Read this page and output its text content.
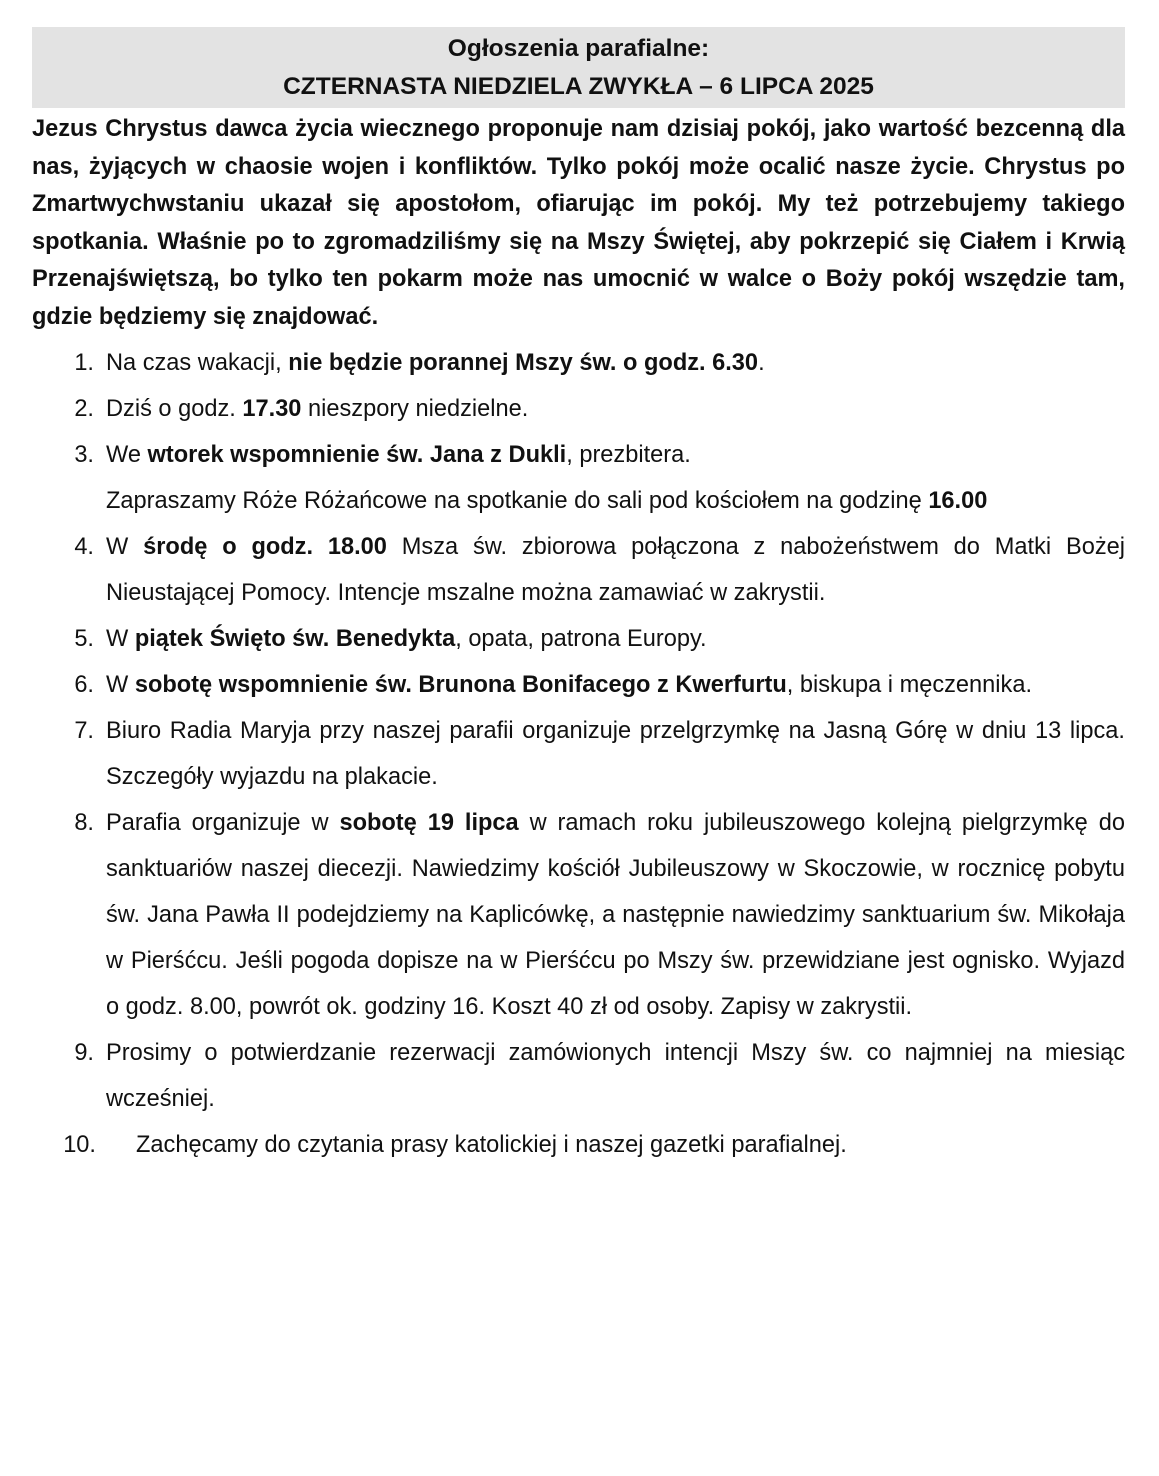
Ogłoszenia parafialne:
CZTERNASTA NIEDZIELA ZWYKŁA – 6 LIPCA 2025
Jezus Chrystus dawca życia wiecznego proponuje nam dzisiaj pokój, jako wartość bezcenną dla nas, żyjących w chaosie wojen i konfliktów. Tylko pokój może ocalić nasze życie. Chrystus po Zmartwychwstaniu ukazał się apostołom, ofiarując im pokój. My też potrzebujemy takiego spotkania. Właśnie po to zgromadziliśmy się na Mszy Świętej, aby pokrzepić się Ciałem i Krwią Przenajświętszą, bo tylko ten pokarm może nas umocnić w walce o Boży pokój wszędzie tam, gdzie będziemy się znajdować.
1. Na czas wakacji, nie będzie porannej Mszy św. o godz. 6.30.
2. Dziś o godz. 17.30 nieszpory niedzielne.
3. We wtorek wspomnienie św. Jana z Dukli, prezbitera.
Zapraszamy Róże Różańcowe na spotkanie do sali pod kościołem na godzinę 16.00
4. W środę o godz. 18.00 Msza św. zbiorowa połączona z nabożeństwem do Matki Bożej Nieustającej Pomocy. Intencje mszalne można zamawiać w zakrystii.
5. W piątek Święto św. Benedykta, opata, patrona Europy.
6. W sobotę wspomnienie św. Brunona Bonifacego z Kwerfurtu, biskupa i męczennika.
7. Biuro Radia Maryja przy naszej parafii organizuje przelgrzymkę na Jasną Górę w dniu 13 lipca. Szczegóły wyjazdu na plakacie.
8. Parafia organizuje w sobotę 19 lipca w ramach roku jubileuszowego kolejną pielgrzymkę do sanktuariów naszej diecezji. Nawiedzimy kościół Jubileuszowy w Skoczowie, w rocznicę pobytu św. Jana Pawła II podejdziemy na Kaplicówkę, a następnie nawiedzimy sanktuarium św. Mikołaja w Pierśćcu. Jeśli pogoda dopisze na w Pierśćcu po Mszy św. przewidziane jest ognisko. Wyjazd o godz. 8.00, powrót ok. godziny 16. Koszt 40 zł od osoby. Zapisy w zakrystii.
9. Prosimy o potwierdzanie rezerwacji zamówionych intencji Mszy św. co najmniej na miesiąc wcześniej.
10. Zachęcamy do czytania prasy katolickiej i naszej gazetki parafialnej.
